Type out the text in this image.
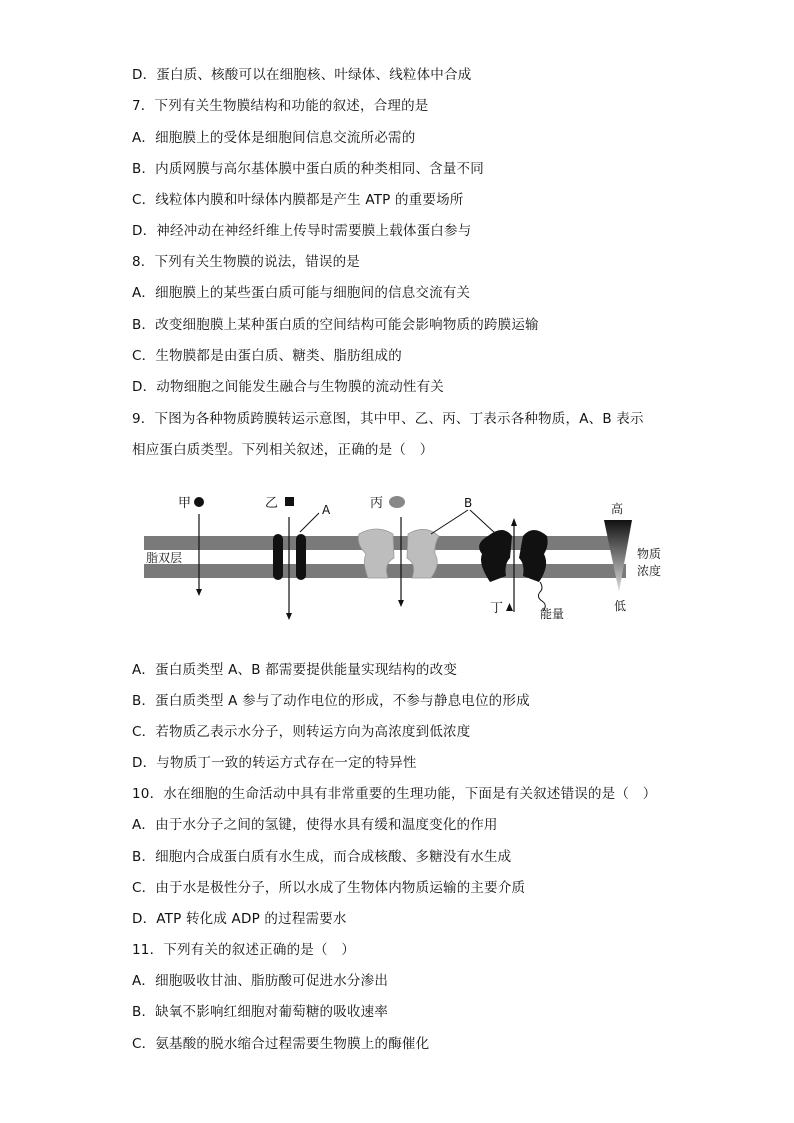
D．蛋白质、核酸可以在细胞核、叶绿体、线粒体中合成
7．下列有关生物膜结构和功能的叙述，合理的是
A．细胞膜上的受体是细胞间信息交流所必需的
B．内质网膜与高尔基体膜中蛋白质的种类相同、含量不同
C．线粒体内膜和叶绿体内膜都是产生 ATP 的重要场所
D．神经冲动在神经纤维上传导时需要膜上载体蛋白参与
8．下列有关生物膜的说法，错误的是
A．细胞膜上的某些蛋白质可能与细胞间的信息交流有关
B．改变细胞膜上某种蛋白质的空间结构可能会影响物质的跨膜运输
C．生物膜都是由蛋白质、糖类、脂肪组成的
D．动物细胞之间能发生融合与生物膜的流动性有关
9．下图为各种物质跨膜转运示意图，其中甲、乙、丙、丁表示各种物质，A、B 表示
相应蛋白质类型。下列相关叙述，正确的是（　）
脂双层
甲	乙	A	丙	B
丁	能量
高
物质
浓度
低
A．蛋白质类型 A、B 都需要提供能量实现结构的改变
B．蛋白质类型 A 参与了动作电位的形成，不参与静息电位的形成
C．若物质乙表示水分子，则转运方向为高浓度到低浓度
D．与物质丁一致的转运方式存在一定的特异性
10．水在细胞的生命活动中具有非常重要的生理功能，下面是有关叙述错误的是（　）
A．由于水分子之间的氢键，使得水具有缓和温度变化的作用
B．细胞内合成蛋白质有水生成，而合成核酸、多糖没有水生成
C．由于水是极性分子，所以水成了生物体内物质运输的主要介质
D．ATP 转化成 ADP 的过程需要水
11．下列有关的叙述正确的是（　）
A．细胞吸收甘油、脂肪酸可促进水分渗出
B．缺氧不影响红细胞对葡萄糖的吸收速率
C．氨基酸的脱水缩合过程需要生物膜上的酶催化
